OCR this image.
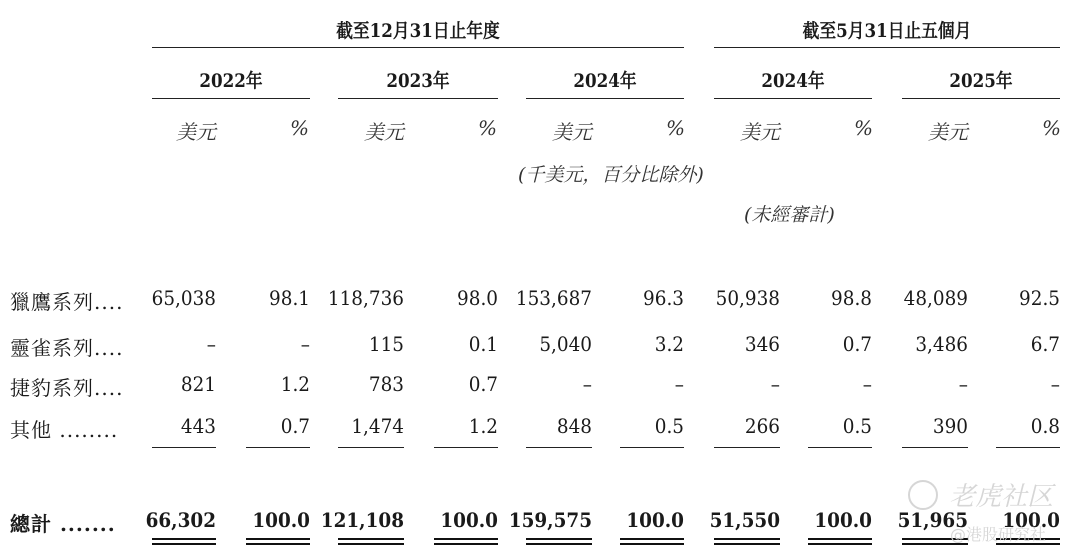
截至12月31日止年度	截至5月31日止五個月
2022年	2023年	2024年	2024年	2025年
美元	%	美元	%	美元	%	美元	%	美元	%
(千美元，百分比除外)
(未經審計)
獵鷹系列....	65,038	98.1 118,736	98.0 153,687	96.3	50,938	98.8	48,089	92.5
靈雀系列....	–	–	115	0.1	5,040	3.2	346	0.7	3,486	6.7
捷豹系列....	821	1.2	783	0.7	–	–	–	–	–	–
其他 ........	443	0.7	1,474	1.2	848	0.5	266	0.5	390	0.8
總計 .......	66,302	100.0 121,108	100.0 159,575	100.0	51,550	100.0	51,965	100.0
老虎社区
@港股研究社
